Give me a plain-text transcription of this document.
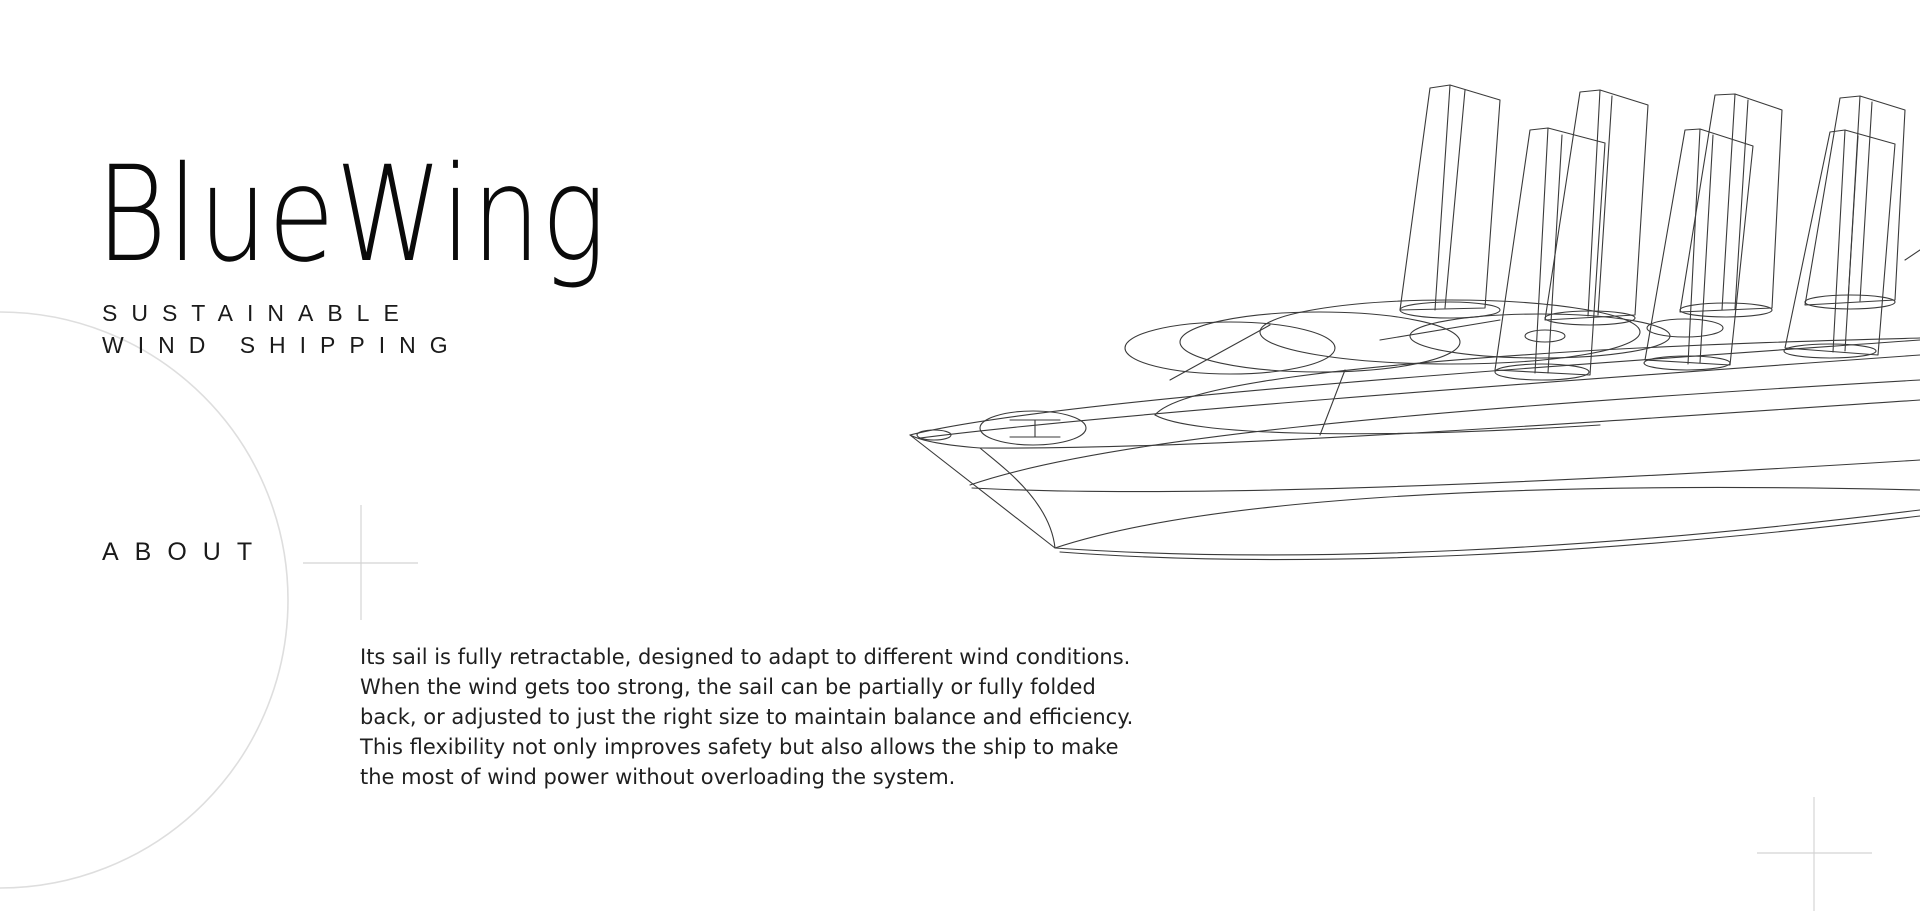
BlueWing
SUSTAINABLE
WIND SHIPPING
ABOUT

Its sail is fully retractable, designed to adapt to different wind conditions.
When the wind gets too strong, the sail can be partially or fully folded
back, or adjusted to just the right size to maintain balance and efficiency.
This flexibility not only improves safety but also allows the ship to make
the most of wind power without overloading the system.
